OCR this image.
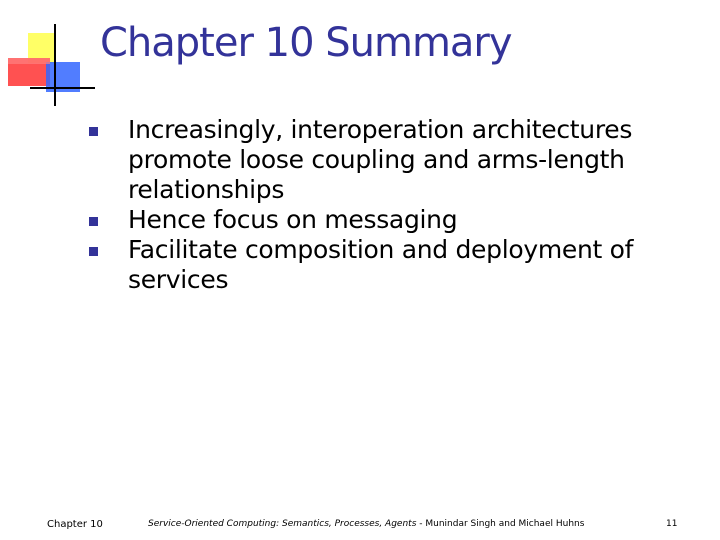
Chapter 10 Summary
Increasingly, interoperation architectures promote loose coupling and arms-length relationships
Hence focus on messaging
Facilitate composition and deployment of services
Chapter 10	Service-Oriented Computing: Semantics, Processes, Agents - Munindar Singh and Michael Huhns	11
